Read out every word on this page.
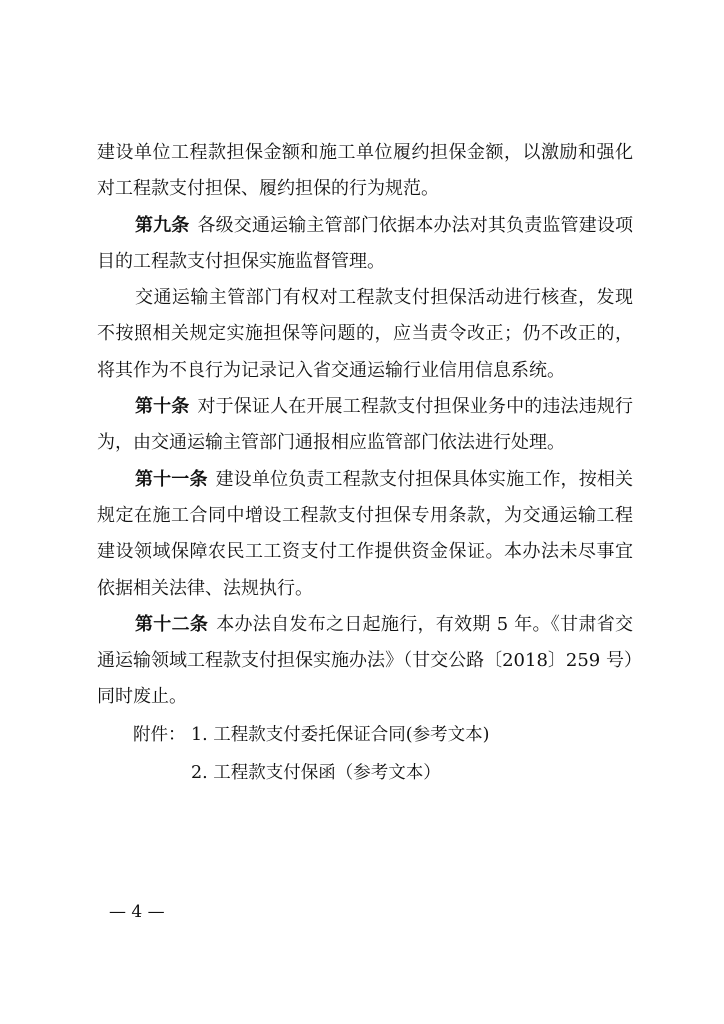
建设单位工程款担保金额和施工单位履约担保金额，以激励和强化对工程款支付担保、履约担保的行为规范。

第九条 各级交通运输主管部门依据本办法对其负责监管建设项目的工程款支付担保实施监督管理。

交通运输主管部门有权对工程款支付担保活动进行核查，发现不按照相关规定实施担保等问题的，应当责令改正；仍不改正的，将其作为不良行为记录记入省交通运输行业信用信息系统。

第十条 对于保证人在开展工程款支付担保业务中的违法违规行为，由交通运输主管部门通报相应监管部门依法进行处理。

第十一条 建设单位负责工程款支付担保具体实施工作，按相关规定在施工合同中增设工程款支付担保专用条款，为交通运输工程建设领域保障农民工工资支付工作提供资金保证。本办法未尽事宜依据相关法律、法规执行。

第十二条 本办法自发布之日起施行，有效期 5 年。《甘肃省交通运输领域工程款支付担保实施办法》（甘交公路〔2018〕259 号）同时废止。

附件： 1. 工程款支付委托保证合同(参考文本)
2. 工程款支付保函（参考文本）
— 4 —
